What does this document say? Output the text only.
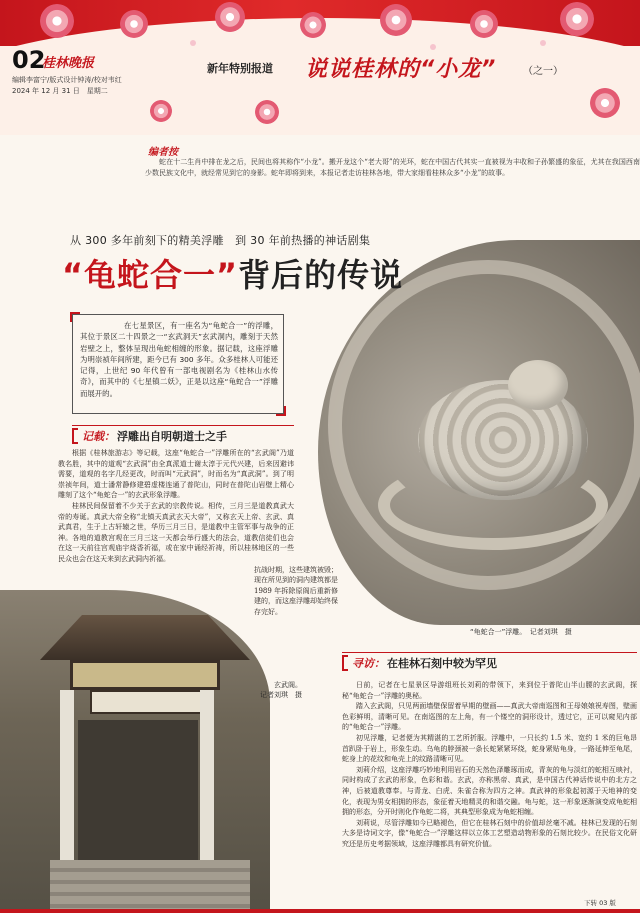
02
桂林晚报
编辑李富宁/版式设计钟涛/校对韦红
2024 年 12 月 31 日　星期二
新年特别报道 说说桂林的“小龙”	（之一）
编者按
蛇在十二生肖中排在龙之后，民间也将其称作“小龙”。搬开龙这个“老大哥”的光环，蛇在中国古代其实一直被视为丰收和子孙繁盛的象征，尤其在我国西南少数民族文化中，就经常见到它的身影。蛇年即将到来，本报记者走访桂林各地，带大家细看桂林众多“小龙”的故事。
“龟蛇合一”浮雕。　记者刘琪　摄
从 300 多年前刻下的精美浮雕　到 30 年前热播的神话剧集
“龟蛇合一”背后的传说
在七星景区，有一座名为“龟蛇合一”的浮雕，其位于景区二十四景之一“玄武洞天”玄武洞内，雕刻于天然岩壁之上，整体呈现出龟蛇相缠的形象。据记载，这座浮雕为明崇祯年间所建，距今已有 300 多年。众多桂林人可能还记得，上世纪 90 年代曾有一部电视剧名为《桂林山水传奇》，而其中的《七星镇二妖》，正是以这座“龟蛇合一”浮雕而展开的。
记载 ： 浮雕出自明朝道士之手

根据《桂林旅游志》等记载，这座“龟蛇合一”浮雕所在的“玄武阁”乃道教名胜，其中的道观“玄武洞”由全真派道士谢太淳于元代兴建，后来因避讳需要，道观的名字几经更改，时而叫“元武洞”，时而名为“真武洞”。到了明崇祯年间，道士潘常静修建碧虚楼连通了普陀山，同时在普陀山岩壁上精心雕刻了这个“龟蛇合一”的玄武形象浮雕。

桂林民间保留着不少关于玄武的宗教传说。相传，三月三是道教真武大帝的寿诞。真武大帝全称“北镇天真武玄天大帝”，又称玄天上帝、玄武、真武真君，生于上古轩辕之世，华历三月三日，是道教中主管军事与战争的正神。各地的道教宫观在三月三这一天都会举行盛大的法会，道教信徒们也会在这一天前往宫观庙宇烧香祈福，或在家中诵经祈祷，所以桂林地区的一些民众也会在这天来到玄武洞内祈福。

抗战时期，这些建筑被毁；现在所见到的洞内建筑都是 1989 年拆除原阁后重新修建的，而这座浮雕却始终保存完好。

玄武阁。
记者刘琪　摄
寻访 ： 在桂林石刻中较为罕见

日前，记者在七星景区导游组班长刘莉的带领下，来到位于普陀山半山腰的玄武阁，探秘“龟蛇合一”浮雕的奥秘。

踏入玄武阁，只见两面墙壁保留着早期的壁画——真武大帝南巡图和王母娘娘祝寿图，壁画色彩鲜明，清晰可见。在南巡图的左上角，有一个镂空的洞形设计，透过它，正可以窥见内部的“龟蛇合一”浮雕。

初见浮雕，记者便为其精湛的工艺所折服。浮雕中，一只长约 1.5 米、宽约 1 米的巨龟昂首趴卧于岩上，形象生动。乌龟的脖颈被一条长蛇紧紧环绕，蛇身紧贴龟身，一路延伸至龟尾，蛇身上的花纹和龟壳上的纹路清晰可见。

刘莉介绍，这座浮雕巧妙地利用岩石的天然色泽雕琢而成，青灰的龟与淡红的蛇相互映衬，同时构成了玄武的形象，色彩和谐。玄武，亦称黑帝、真武，是中国古代神话传说中的北方之神，后被道教尊奉。与青龙、白虎、朱雀合称为四方之神。真武神的形象起初源于天地神的变化，表现为男女相拥的形态，象征着天地精灵的和谐交融。龟与蛇，这一形象逐渐演变成龟蛇相拥的形态，分开时则化作龟蛇二将，其典型形象成为龟蛇相缠。

刘莉说，尽管浮雕如今已略褪色，但它在桂林石刻中的价值却丝毫不减。桂林已发现的石刻大多是诗词文字，像“龟蛇合一”浮雕这样以立体工艺塑造动物形象的石刻比较少。在民俗文化研究还是历史考据领域，这座浮雕都具有研究价值。

下转 03 版
